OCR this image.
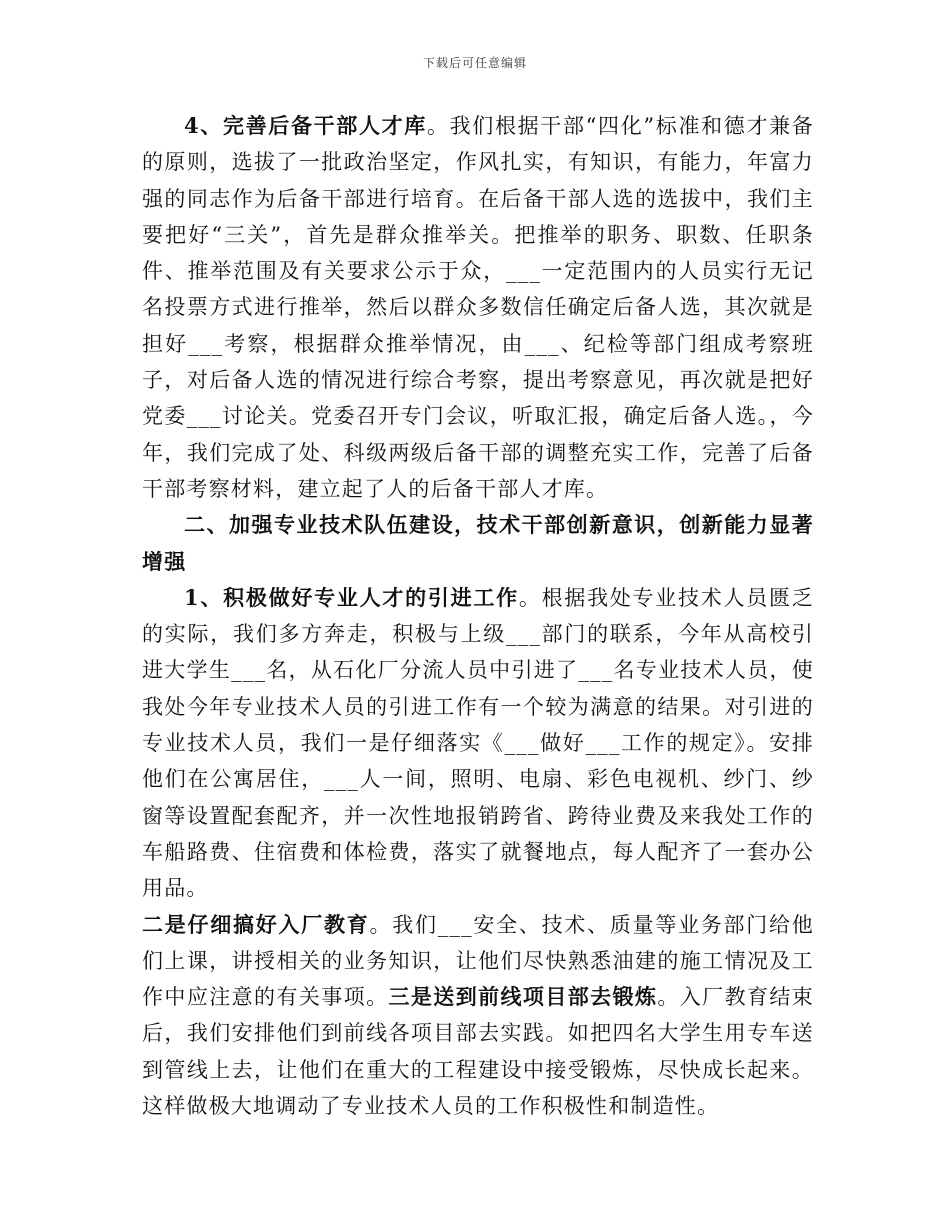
下载后可任意编辑

4、完善后备干部人才库。我们根据干部“四化”标准和德才兼备的原则，选拔了一批政治坚定，作风扎实，有知识，有能力，年富力强的同志作为后备干部进行培育。在后备干部人选的选拔中，我们主要把好“三关”，首先是群众推举关。把推举的职务、职数、任职条件、推举范围及有关要求公示于众，___一定范围内的人员实行无记名投票方式进行推举，然后以群众多数信任确定后备人选，其次就是担好___考察，根据群众推举情况，由___、纪检等部门组成考察班子，对后备人选的情况进行综合考察，提出考察意见，再次就是把好党委___讨论关。党委召开专门会议，听取汇报，确定后备人选。，今年，我们完成了处、科级两级后备干部的调整充实工作，完善了后备干部考察材料，建立起了人的后备干部人才库。

二、加强专业技术队伍建设，技术干部创新意识，创新能力显著增强

1、积极做好专业人才的引进工作。根据我处专业技术人员匮乏的实际，我们多方奔走，积极与上级___部门的联系，今年从高校引进大学生___名，从石化厂分流人员中引进了___名专业技术人员，使我处今年专业技术人员的引进工作有一个较为满意的结果。对引进的专业技术人员，我们一是仔细落实《___做好___工作的规定》。安排他们在公寓居住，___人一间，照明、电扇、彩色电视机、纱门、纱窗等设置配套配齐，并一次性地报销跨省、跨待业费及来我处工作的车船路费、住宿费和体检费，落实了就餐地点，每人配齐了一套办公用品。

二是仔细搞好入厂教育。我们___安全、技术、质量等业务部门给他们上课，讲授相关的业务知识，让他们尽快熟悉油建的施工情况及工作中应注意的有关事项。三是送到前线项目部去锻炼。入厂教育结束后，我们安排他们到前线各项目部去实践。如把四名大学生用专车送到管线上去，让他们在重大的工程建设中接受锻炼，尽快成长起来。这样做极大地调动了专业技术人员的工作积极性和制造性。
